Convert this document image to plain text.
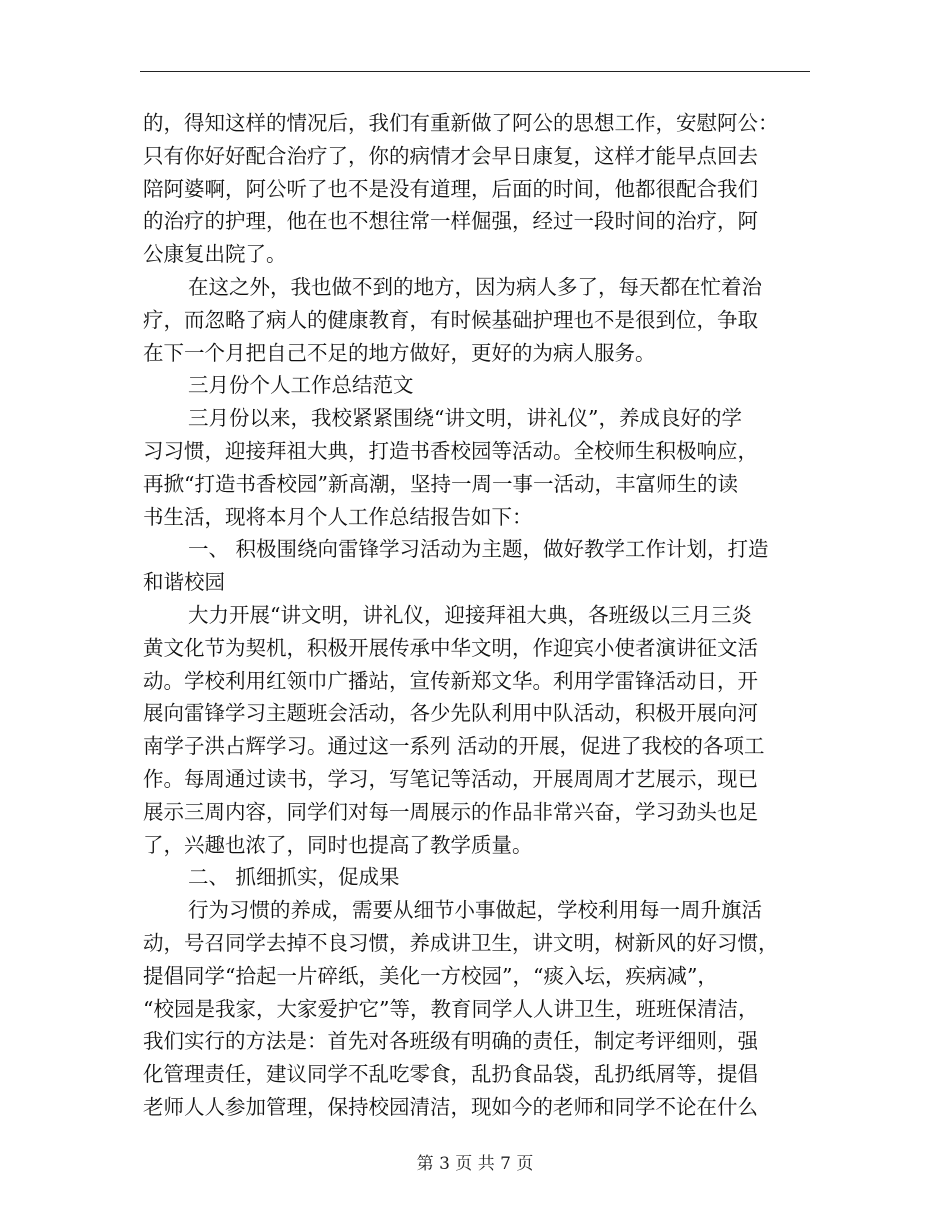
的，得知这样的情况后，我们有重新做了阿公的思想工作，安慰阿公：
只有你好好配合治疗了，你的病情才会早日康复，这样才能早点回去
陪阿婆啊，阿公听了也不是没有道理，后面的时间，他都很配合我们
的治疗的护理，他在也不想往常一样倔强，经过一段时间的治疗，阿
公康复出院了。
在这之外，我也做不到的地方，因为病人多了，每天都在忙着治
疗，而忽略了病人的健康教育，有时候基础护理也不是很到位，争取
在下一个月把自己不足的地方做好，更好的为病人服务。
三月份个人工作总结范文
三月份以来，我校紧紧围绕“讲文明，讲礼仪”，养成良好的学
习习惯，迎接拜祖大典，打造书香校园等活动。全校师生积极响应，
再掀“打造书香校园”新高潮，坚持一周一事一活动，丰富师生的读
书生活，现将本月个人工作总结报告如下：
一、 积极围绕向雷锋学习活动为主题，做好教学工作计划，打造
和谐校园
大力开展“讲文明，讲礼仪，迎接拜祖大典，各班级以三月三炎
黄文化节为契机，积极开展传承中华文明，作迎宾小使者演讲征文活
动。学校利用红领巾广播站，宣传新郑文华。利用学雷锋活动日，开
展向雷锋学习主题班会活动，各少先队利用中队活动，积极开展向河
南学子洪占辉学习。通过这一系列 活动的开展，促进了我校的各项工
作。每周通过读书，学习，写笔记等活动，开展周周才艺展示，现已
展示三周内容，同学们对每一周展示的作品非常兴奋，学习劲头也足
了，兴趣也浓了，同时也提高了教学质量。
二、 抓细抓实，促成果
行为习惯的养成，需要从细节小事做起，学校利用每一周升旗活
动，号召同学去掉不良习惯，养成讲卫生，讲文明，树新风的好习惯，
提倡同学“拾起一片碎纸，美化一方校园”，“痰入坛，疾病减”，
“校园是我家，大家爱护它”等，教育同学人人讲卫生，班班保清洁，
我们实行的方法是：首先对各班级有明确的责任，制定考评细则，强
化管理责任，建议同学不乱吃零食，乱扔食品袋，乱扔纸屑等，提倡
老师人人参加管理，保持校园清洁，现如今的老师和同学不论在什么
第 3 页 共 7 页
